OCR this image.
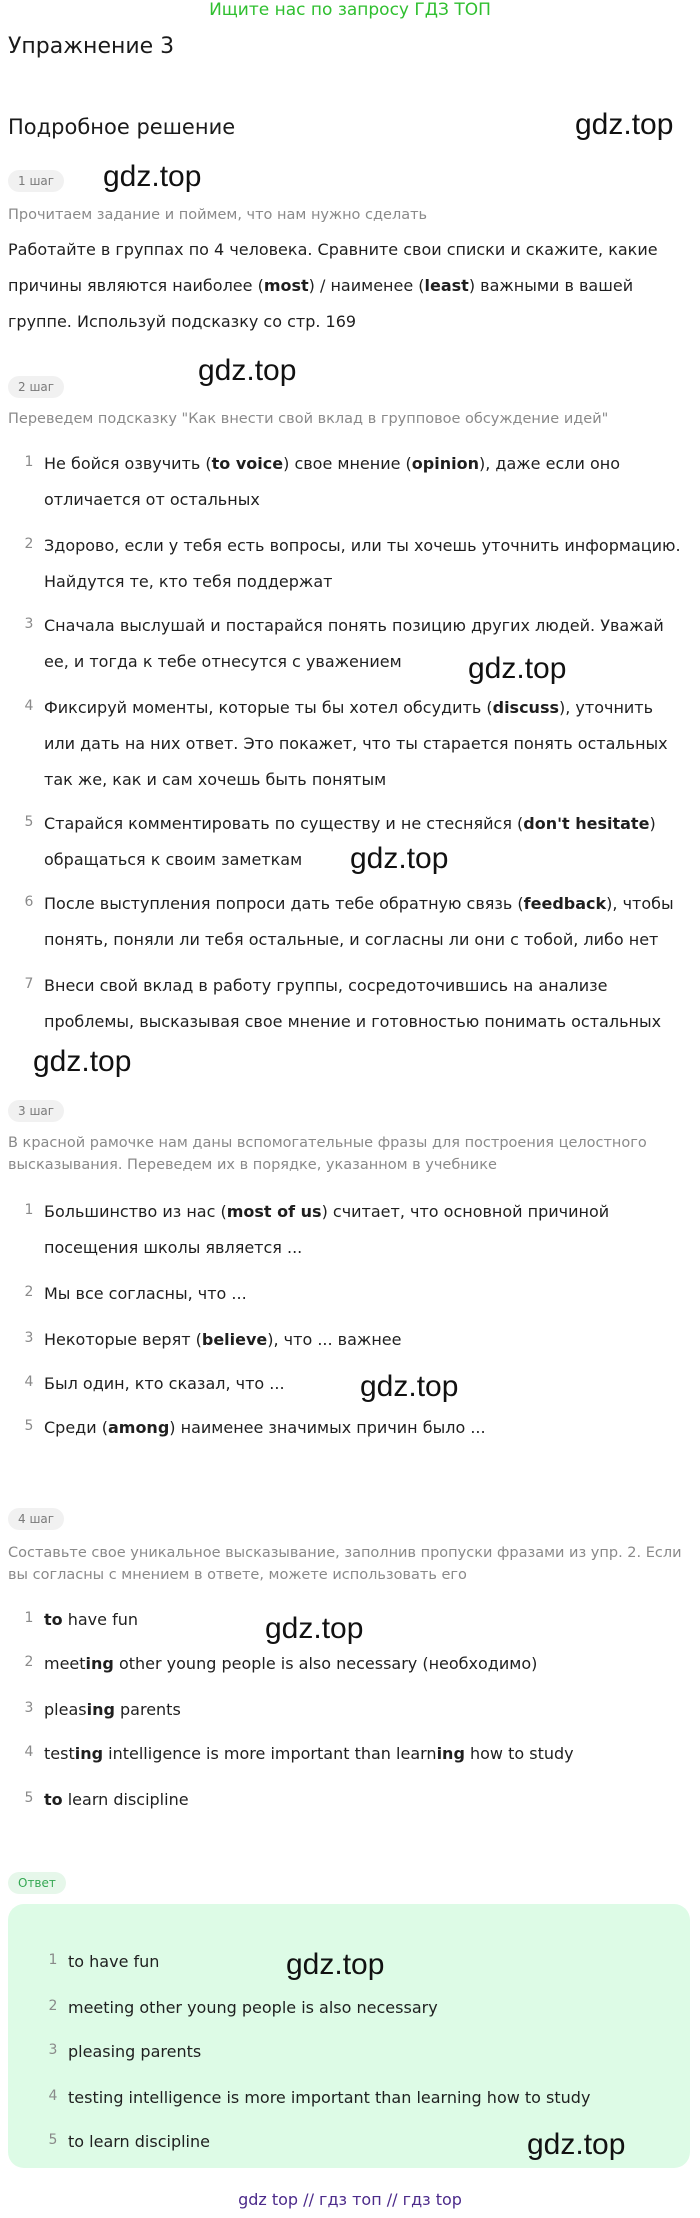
Ищите нас по запросу ГДЗ ТОП
Упражнение 3
Подробное решение	gdz.top
gdz.top
gdz.top
gdz.top
gdz.top
gdz.top
gdz.top
gdz.top
1 шаг
Прочитаем задание и поймем, что нам нужно сделать
Работайте в группах по 4 человека. Сравните свои списки и скажите, какие причины являются наиболее (most) / наименее (least) важными в вашей группе. Используй подсказку со стр. 169
2 шаг
Переведем подсказку "Как внести свой вклад в групповое обсуждение идей"
1 Не бойся озвучить (to voice) свое мнение (opinion), даже если оно отличается от остальных
2 Здорово, если у тебя есть вопросы, или ты хочешь уточнить информацию. Найдутся те, кто тебя поддержат
3 Сначала выслушай и постарайся понять позицию других людей. Уважай ее, и тогда к тебе отнесутся с уважением
4 Фиксируй моменты, которые ты бы хотел обсудить (discuss), уточнить или дать на них ответ. Это покажет, что ты старается понять остальных так же, как и сам хочешь быть понятым
5 Старайся комментировать по существу и не стесняйся (don't hesitate) обращаться к своим заметкам
6 После выступления попроси дать тебе обратную связь (feedback), чтобы понять, поняли ли тебя остальные, и согласны ли они с тобой, либо нет
7 Внеси свой вклад в работу группы, сосредоточившись на анализе проблемы, высказывая свое мнение и готовностью понимать остальных
3 шаг
В красной рамочке нам даны вспомогательные фразы для построения целостного высказывания. Переведем их в порядке, указанном в учебнике
1 Большинство из нас (most of us) считает, что основной причиной посещения школы является ...
2 Мы все согласны, что ...
3 Некоторые верят (believe), что ... важнее
4 Был один, кто сказал, что ...
5 Среди (among) наименее значимых причин было ...
4 шаг
Составьте свое уникальное высказывание, заполнив пропуски фразами из упр. 2. Если вы согласны с мнением в ответе, можете использовать его
1 to have fun
2 meeting other young people is also necessary (необходимо)
3 pleasing parents
4 testing intelligence is more important than learning how to study
5 to learn discipline
Ответ
1 to have fun
2 meeting other young people is also necessary
3 pleasing parents
4 testing intelligence is more important than learning how to study
5 to learn discipline
gdz.top
gdz.top
gdz top // гдз топ // гдз top
